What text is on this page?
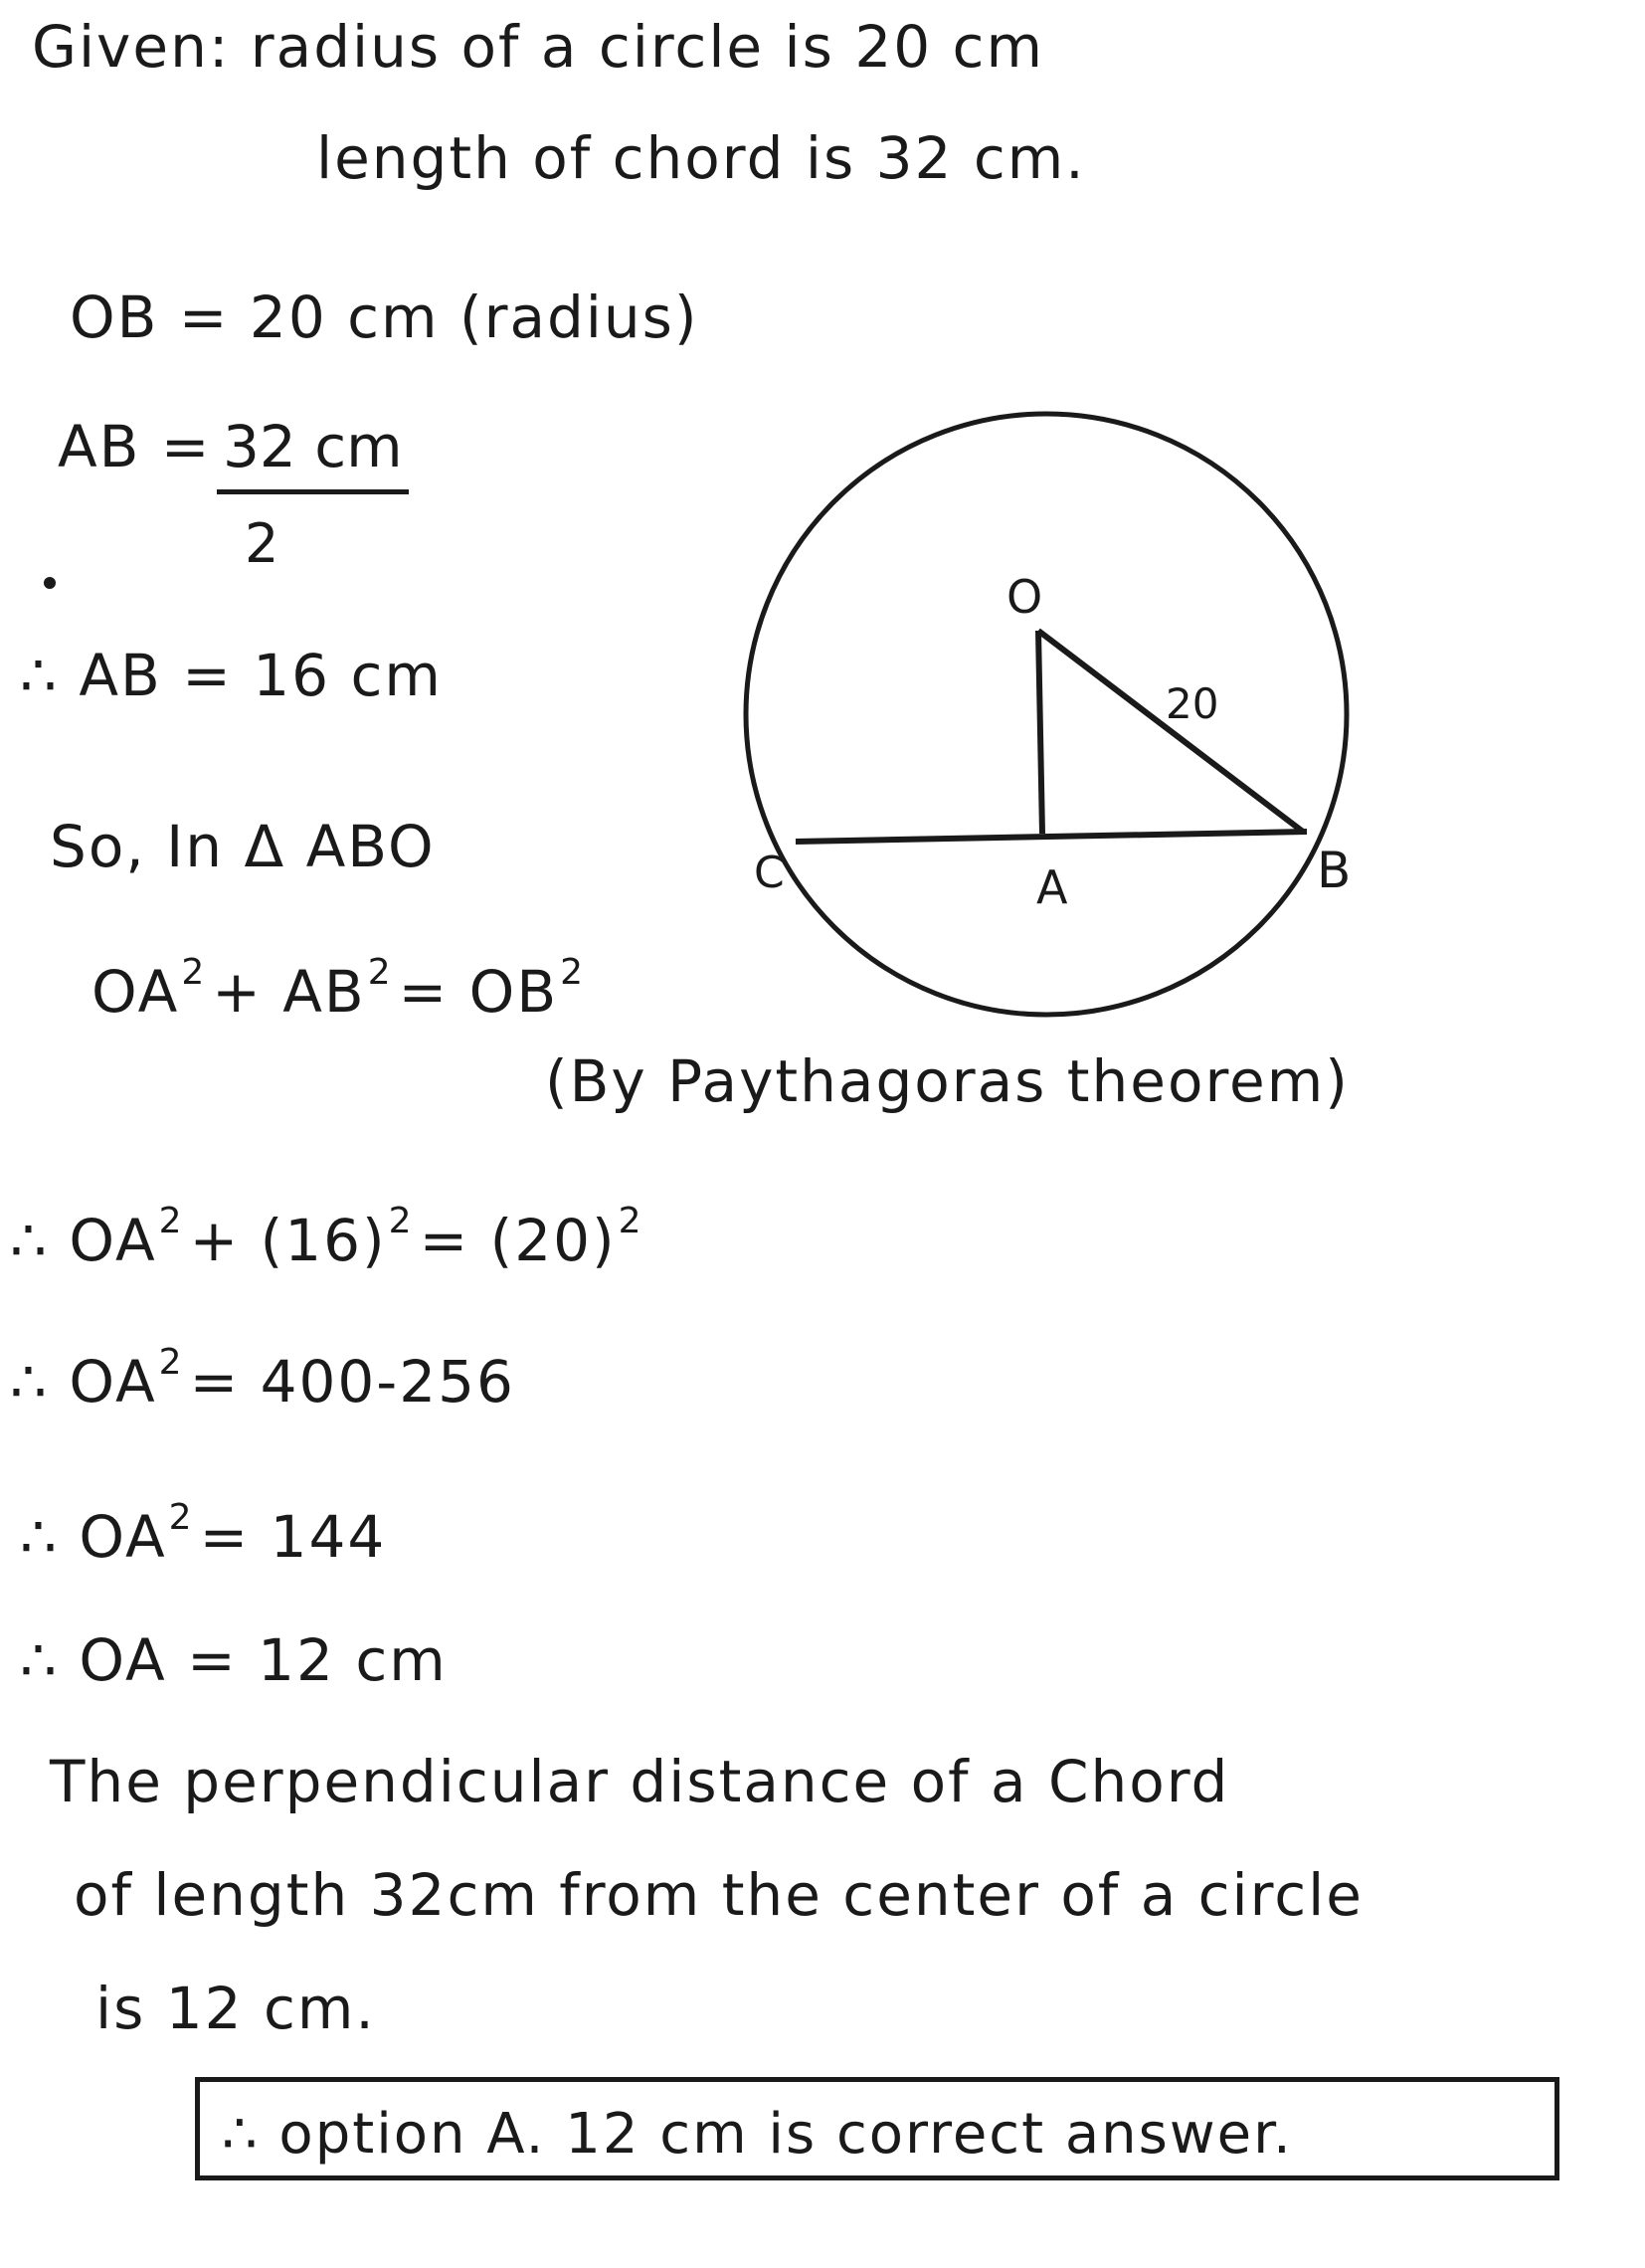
Given: radius of a circle is 20 cm
length of chord is 32 cm.
OB = 20 cm (radius)
AB = $\frac{32 cm}{2}$
∴ AB = 16 cm
So, In Δ ABO
$OA^2 + AB^2 = OB^2$
(By Paythagoras theorem)
∴ $OA^2 + (16)^2 = (20)^2$
∴ $OA^2 = 400-256$
∴ $OA^2 = 144$
∴ OA = 12 cm
The perpendicular distance of a Chord
of length 32cm from the center of a circle
is 12 cm.
∴ option A. 12 cm is correct answer.
O
A	B
C
20
